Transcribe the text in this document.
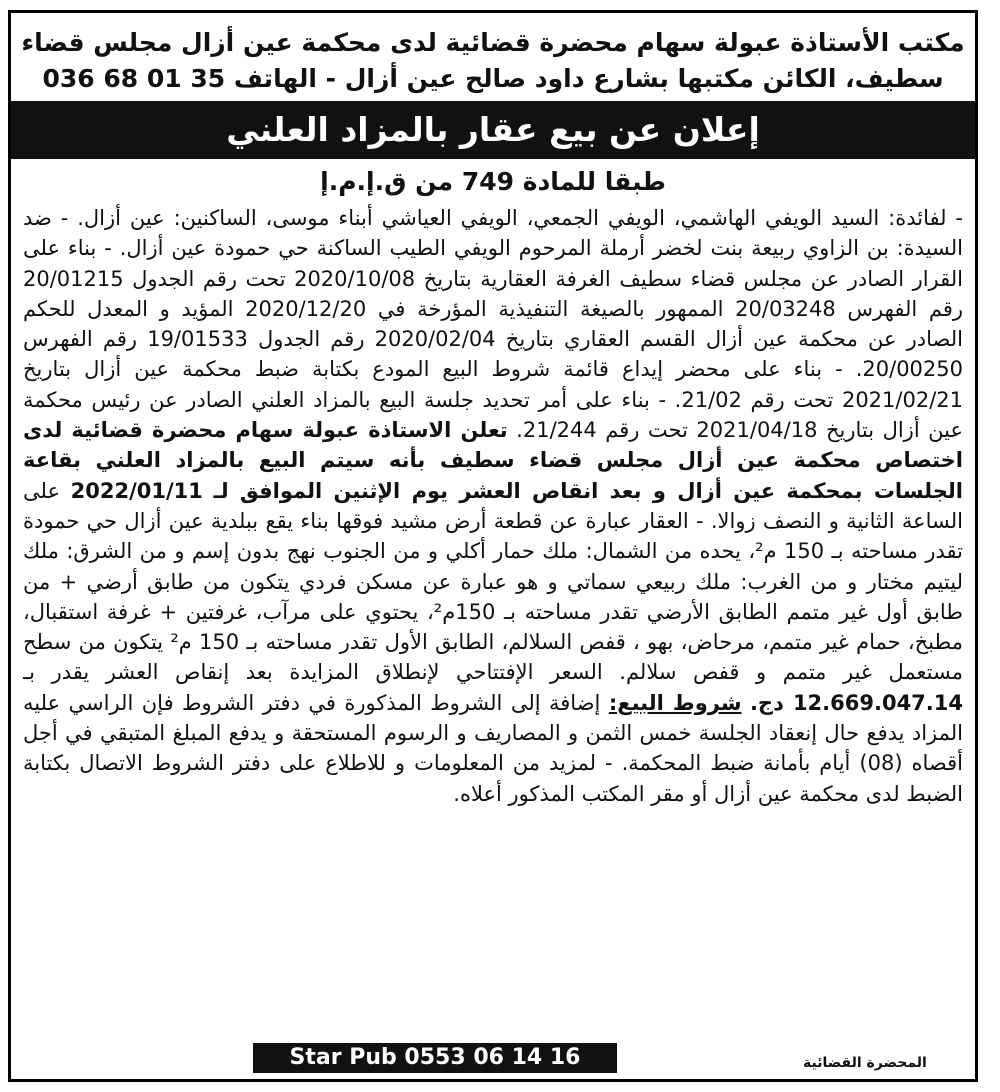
مكتب الأستاذة عبولة سهام محضرة قضائية لدى محكمة عين أزال مجلس قضاء
سطيف، الكائن مكتبها بشارع داود صالح عين أزال - الهاتف 35 01 68 036
إعلان عن بيع عقار بالمزاد العلني
طبقا للمادة 749 من ق.إ.م.إ
- لفائدة: السيد الويفي الهاشمي، الويفي الجمعي، الويفي العياشي أبناء موسى، الساكنين: عين أزال. - ضد السيدة: بن الزاوي ربيعة بنت لخضر أرملة المرحوم الويفي الطيب الساكنة حي حمودة عين أزال. - بناء على القرار الصادر عن مجلس قضاء سطيف الغرفة العقارية بتاريخ 2020/10/08 تحت رقم الجدول 20/01215 رقم الفهرس 20/03248 الممهور بالصيغة التنفيذية المؤرخة في 2020/12/20 المؤيد و المعدل للحكم الصادر عن محكمة عين أزال القسم العقاري بتاريخ 2020/02/04 رقم الجدول 19/01533 رقم الفهرس 20/00250. - بناء على محضر إيداع قائمة شروط البيع المودع بكتابة ضبط محكمة عين أزال بتاريخ 2021/02/21 تحت رقم 21/02. - بناء على أمر تحديد جلسة البيع بالمزاد العلني الصادر عن رئيس محكمة عين أزال بتاريخ 2021/04/18 تحت رقم 21/244. تعلن الاستاذة عبولة سهام محضرة قضائية لدى اختصاص محكمة عين أزال مجلس قضاء سطيف بأنه سيتم البيع بالمزاد العلني بقاعة الجلسات بمحكمة عين أزال و بعد انقاص العشر يوم الإثنين الموافق لـ 2022/01/11 على الساعة الثانية و النصف زوالا. - العقار عبارة عن قطعة أرض مشيد فوقها بناء يقع ببلدية عين أزال حي حمودة تقدر مساحته بـ 150 م²، يحده من الشمال: ملك حمار أكلي و من الجنوب نهج بدون إسم و من الشرق: ملك ليتيم مختار و من الغرب: ملك ربيعي سماتي و هو عبارة عن مسكن فردي يتكون من طابق أرضي + من طابق أول غير متمم الطابق الأرضي تقدر مساحته بـ 150م²، يحتوي على مرآب، غرفتين + غرفة استقبال، مطبخ، حمام غير متمم، مرحاض، بهو ، قفص السلالم، الطابق الأول تقدر مساحته بـ 150 م² يتكون من سطح مستعمل غير متمم و قفص سلالم. السعر الإفتتاحي لإنطلاق المزايدة بعد إنقاص العشر يقدر بـ 12.669.047.14 دج. شروط البيع: إضافة إلى الشروط المذكورة في دفتر الشروط فإن الراسي عليه المزاد يدفع حال إنعقاد الجلسة خمس الثمن و المصاريف و الرسوم المستحقة و يدفع المبلغ المتبقي في أجل أقصاه (08) أيام بأمانة ضبط المحكمة. - لمزيد من المعلومات و للاطلاع على دفتر الشروط الاتصال بكتابة الضبط لدى محكمة عين أزال أو مقر المكتب المذكور أعلاه.
Star Pub 0553 06 14 16	المحضرة القضائية
